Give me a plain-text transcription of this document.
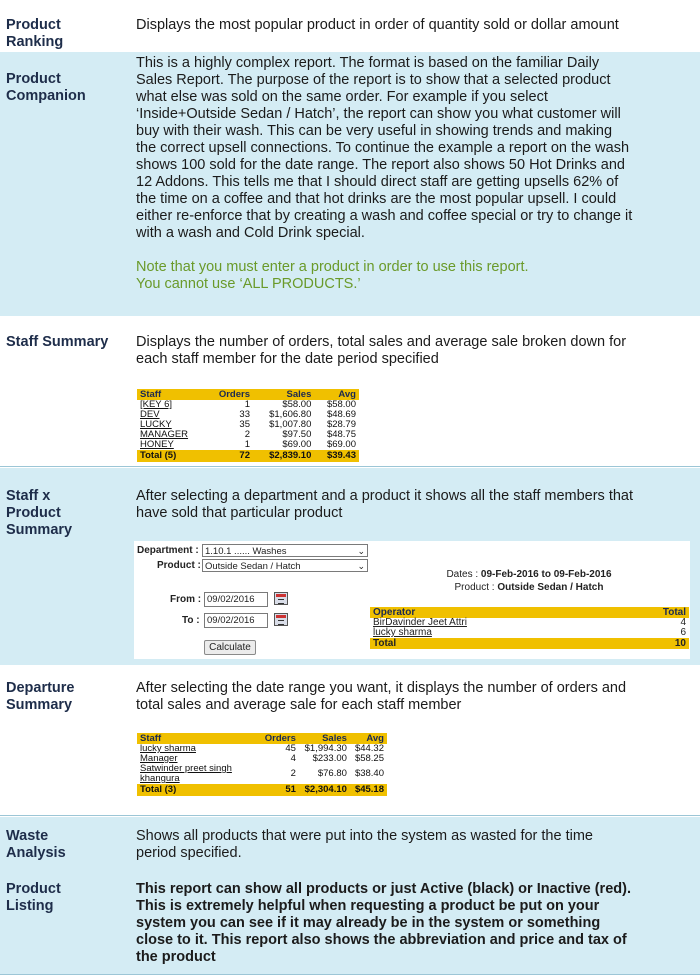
Product
Ranking
Displays the most popular product in order of quantity sold or dollar amount
Product
Companion
This is a highly complex report. The format is based on the familiar Daily
Sales Report. The purpose of the report is to show that a selected product
what else was sold on the same order. For example if you select
‘Inside+Outside Sedan / Hatch’, the report can show you what customer will
buy with their wash. This can be very useful in showing trends and making
the correct upsell connections. To continue the example a report on the wash
shows 100 sold for the date range. The report also shows 50 Hot Drinks and
12 Addons. This tells me that I should direct staff are getting upsells 62% of
the time on a coffee and that hot drinks are the most popular upsell. I could
either re-enforce that by creating a wash and coffee special or try to change it
with a wash and Cold Drink special.
Note that you must enter a product in order to use this report.
You cannot use ‘ALL PRODUCTS.’
Staff Summary	Displays the number of orders, total sales and average sale broken down for
each staff member for the date period specified
Staff	Orders	Sales	Avg
[KEY 6]	1	$58.00	$58.00
DEV	33	$1,606.80	$48.69
LUCKY	35	$1,007.80	$28.79
MANAGER	2	$97.50	$48.75
HONEY	1	$69.00	$69.00
Total (5)	72	$2,839.10	$39.43
Staff x
Product
Summary
After selecting a department and a product it shows all the staff members that
have sold that particular product
Department : 1.10.1 ...... Washes	⌄
Product : Outside Sedan / Hatch	⌄
From : 09/02/2016
To : 09/02/2016
Calculate
Dates : 09-Feb-2016 to 09-Feb-2016
Product : Outside Sedan / Hatch
Operator	Total
BirDavinder Jeet Attri	4
lucky sharma	6
Total	10
Departure
Summary
After selecting the date range you want, it displays the number of orders and
total sales and average sale for each staff member
Staff	Orders	Sales	Avg
lucky sharma	45	$1,994.30	$44.32
Manager	4	$233.00	$58.25
Satwinder preet singh khangura	2	$76.80	$38.40
Total (3)	51	$2,304.10	$45.18
Waste
Analysis
Shows all products that were put into the system as wasted for the time
period specified.
Product
Listing
This report can show all products or just Active (black) or Inactive (red).
This is extremely helpful when requesting a product be put on your
system you can see if it may already be in the system or something
close to it. This report also shows the abbreviation and price and tax of
the product
